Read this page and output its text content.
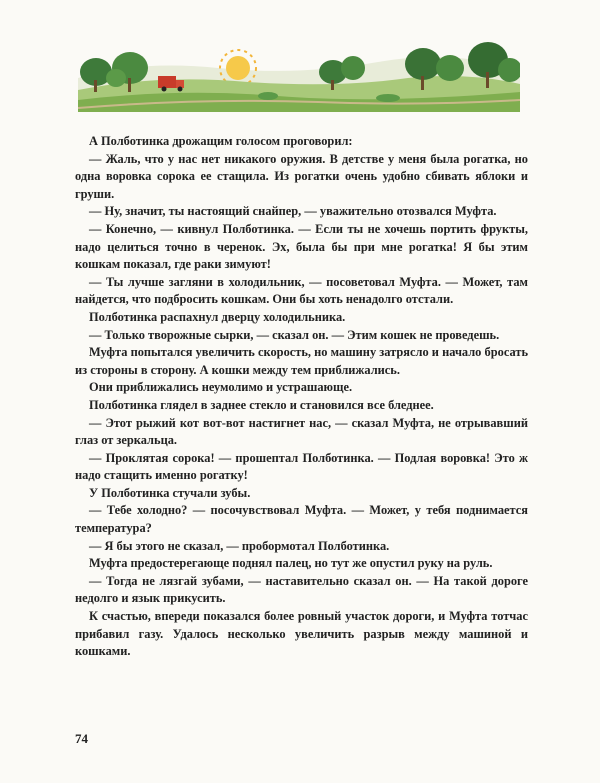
А Полботинка дрожащим голосом проговорил:

— Жаль, что у нас нет никакого оружия. В детстве у меня была рогатка, но одна воровка сорока ее стащила. Из рогатки очень удобно сбивать яблоки и груши.

— Ну, значит, ты настоящий снайпер, — уважительно отозвался Муфта.

— Конечно, — кивнул Полботинка. — Если ты не хочешь портить фрукты, надо целиться точно в черенок. Эх, была бы при мне рогатка! Я бы этим кошкам показал, где раки зимуют!

— Ты лучше загляни в холодильник, — посоветовал Муфта. — Может, там найдется, что подбросить кошкам. Они бы хоть ненадолго отстали.

Полботинка распахнул дверцу холодильника.

— Только творожные сырки, — сказал он. — Этим кошек не проведешь.

Муфта попытался увеличить скорость, но машину затрясло и начало бросать из стороны в сторону. А кошки между тем приближались.

Они приближались неумолимо и устрашающе.

Полботинка глядел в заднее стекло и становился все бледнее.

— Этот рыжий кот вот-вот настигнет нас, — сказал Муфта, не отрывавший глаз от зеркальца.

— Проклятая сорока! — прошептал Полботинка. — Подлая воровка! Это ж надо стащить именно рогатку!

У Полботинка стучали зубы.

— Тебе холодно? — посочувствовал Муфта. — Может, у тебя поднимается температура?

— Я бы этого не сказал, — пробормотал Полботинка.

Муфта предостерегающе поднял палец, но тут же опустил руку на руль.

— Тогда не лязгай зубами, — наставительно сказал он. — На такой дороге недолго и язык прикусить.

К счастью, впереди показался более ровный участок дороги, и Муфта тотчас прибавил газу. Удалось несколько увеличить разрыв между машиной и кошками.

74
